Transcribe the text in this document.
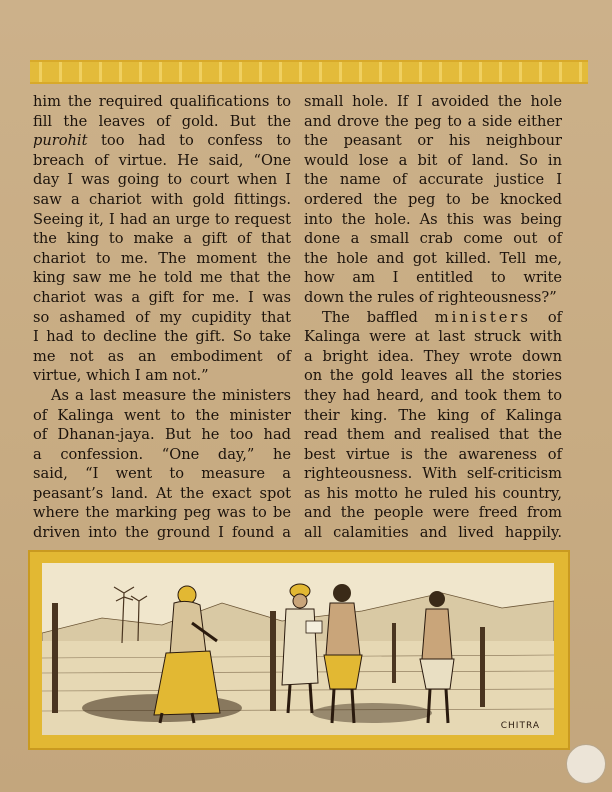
him the required qualifications to
fill the leaves of gold. But the
purohit too had to confess to
breach of virtue. He said, “One
day I was going to court when I
saw a chariot with gold fittings.
Seeing it, I had an urge to request
the king to make a gift of that
chariot to me. The moment the
king saw me he told me that the
chariot was a gift for me. I was
so ashamed of my cupidity that
I had to decline the gift. So take
me not as an embodiment of
virtue, which I am not.”
As a last measure the ministers
of Kalinga went to the minister
of Dhanan-jaya. But he too had
a confession. “One day,” he
said, “I went to measure a
peasant’s land. At the exact spot
where the marking peg was to be
driven into the ground I found a
small hole. If I avoided the hole
and drove the peg to a side either
the peasant or his neighbour
would lose a bit of land. So in
the name of accurate justice I
ordered the peg to be knocked
into the hole. As this was being
done a small crab come out of
the hole and got killed. Tell me,
how am I entitled to write
down the rules of righteousness?”
The baffled ministers of
Kalinga were at last struck with
a bright idea. They wrote down
on the gold leaves all the stories
they had heard, and took them to
their king. The king of Kalinga
read them and realised that the
best virtue is the awareness of
righteousness. With self-criticism
as his motto he ruled his country,
and the people were freed from
all calamities and lived happily.
CHITRA
